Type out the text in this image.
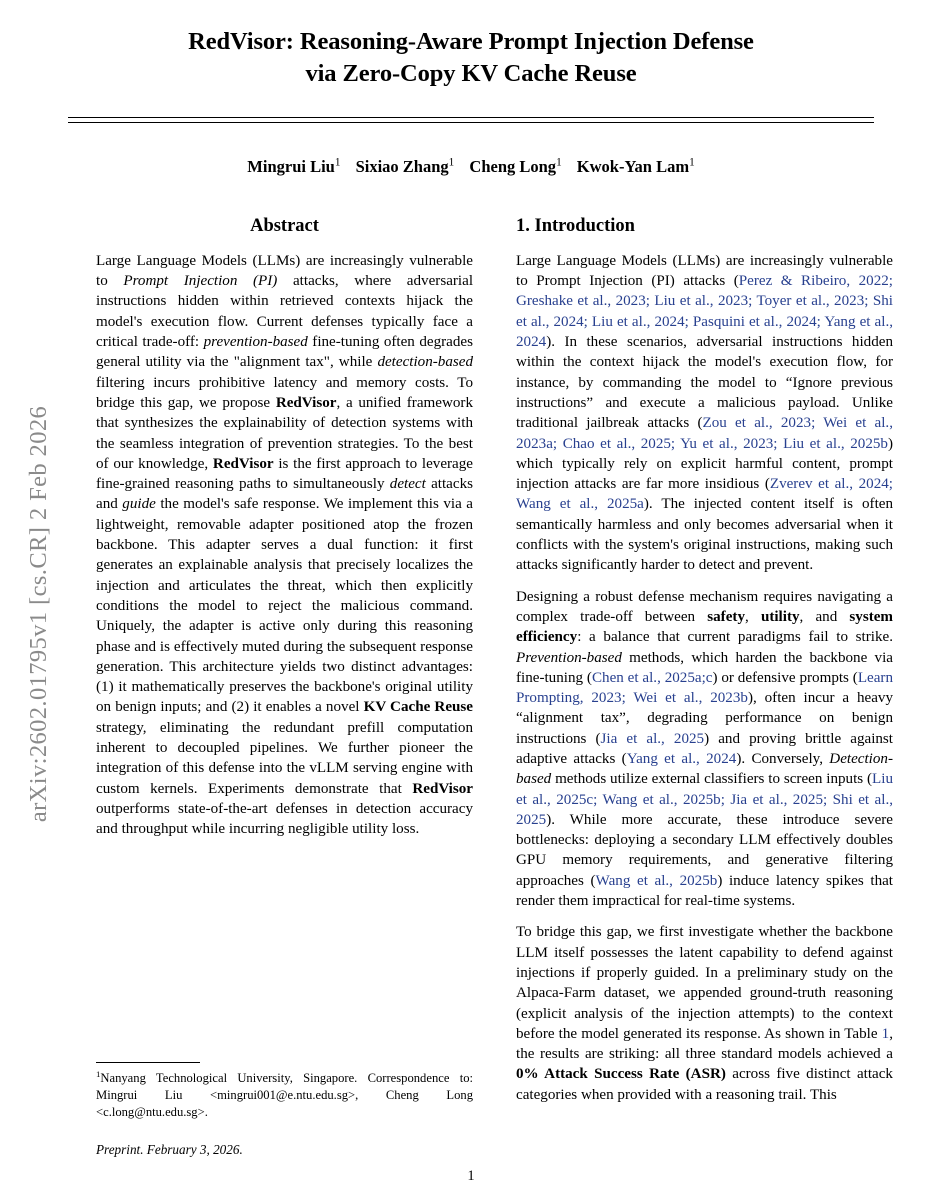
arXiv:2602.01795v1 [cs.CR] 2 Feb 2026
RedVisor: Reasoning-Aware Prompt Injection Defense
via Zero-Copy KV Cache Reuse
Mingrui Liu$^1$ Sixiao Zhang$^1$ Cheng Long$^1$ Kwok-Yan Lam$^1$
Abstract

Large Language Models (LLMs) are increasingly vulnerable to Prompt Injection (PI) attacks, where adversarial instructions hidden within retrieved contexts hijack the model's execution flow. Current defenses typically face a critical trade-off: prevention-based fine-tuning often degrades general utility via the "alignment tax", while detection-based filtering incurs prohibitive latency and memory costs. To bridge this gap, we propose RedVisor, a unified framework that synthesizes the explainability of detection systems with the seamless integration of prevention strategies. To the best of our knowledge, RedVisor is the first approach to leverage fine-grained reasoning paths to simultaneously detect attacks and guide the model's safe response. We implement this via a lightweight, removable adapter positioned atop the frozen backbone. This adapter serves a dual function: it first generates an explainable analysis that precisely localizes the injection and articulates the threat, which then explicitly conditions the model to reject the malicious command. Uniquely, the adapter is active only during this reasoning phase and is effectively muted during the subsequent response generation. This architecture yields two distinct advantages: (1) it mathematically preserves the backbone's original utility on benign inputs; and (2) it enables a novel KV Cache Reuse strategy, eliminating the redundant prefill computation inherent to decoupled pipelines. We further pioneer the integration of this defense into the vLLM serving engine with custom kernels. Experiments demonstrate that RedVisor outperforms state-of-the-art defenses in detection accuracy and throughput while incurring negligible utility loss.

1. Introduction

Large Language Models (LLMs) are increasingly vulnerable to Prompt Injection (PI) attacks (Perez & Ribeiro, 2022; Greshake et al., 2023; Liu et al., 2023; Toyer et al., 2023; Shi et al., 2024; Liu et al., 2024; Pasquini et al., 2024; Yang et al., 2024). In these scenarios, adversarial instructions hidden within the context hijack the model's execution flow, for instance, by commanding the model to “Ignore previous instructions” and execute a malicious payload. Unlike traditional jailbreak attacks (Zou et al., 2023; Wei et al., 2023a; Chao et al., 2025; Yu et al., 2023; Liu et al., 2025b) which typically rely on explicit harmful content, prompt injection attacks are far more insidious (Zverev et al., 2024; Wang et al., 2025a). The injected content itself is often semantically harmless and only becomes adversarial when it conflicts with the system's original instructions, making such attacks significantly harder to detect and prevent.

Designing a robust defense mechanism requires navigating a complex trade-off between safety, utility, and system efficiency: a balance that current paradigms fail to strike. Prevention-based methods, which harden the backbone via fine-tuning (Chen et al., 2025a;c) or defensive prompts (Learn Prompting, 2023; Wei et al., 2023b), often incur a heavy “alignment tax”, degrading performance on benign instructions (Jia et al., 2025) and proving brittle against adaptive attacks (Yang et al., 2024). Conversely, Detection-based methods utilize external classifiers to screen inputs (Liu et al., 2025c; Wang et al., 2025b; Jia et al., 2025; Shi et al., 2025). While more accurate, these introduce severe bottlenecks: deploying a secondary LLM effectively doubles GPU memory requirements, and generative filtering approaches (Wang et al., 2025b) induce latency spikes that render them impractical for real-time systems.

To bridge this gap, we first investigate whether the backbone LLM itself possesses the latent capability to defend against injections if properly guided. In a preliminary study on the Alpaca-Farm dataset, we appended ground-truth reasoning (explicit analysis of the injection attempts) to the context before the model generated its response. As shown in Table 1, the results are striking: all three standard models achieved a 0% Attack Success Rate (ASR) across five distinct attack categories when provided with a reasoning trail. This

$^1$Nanyang Technological University, Singapore. Correspondence to: Mingrui Liu <mingrui001@e.ntu.edu.sg>, Cheng Long <c.long@ntu.edu.sg>.
Preprint. February 3, 2026.
1
